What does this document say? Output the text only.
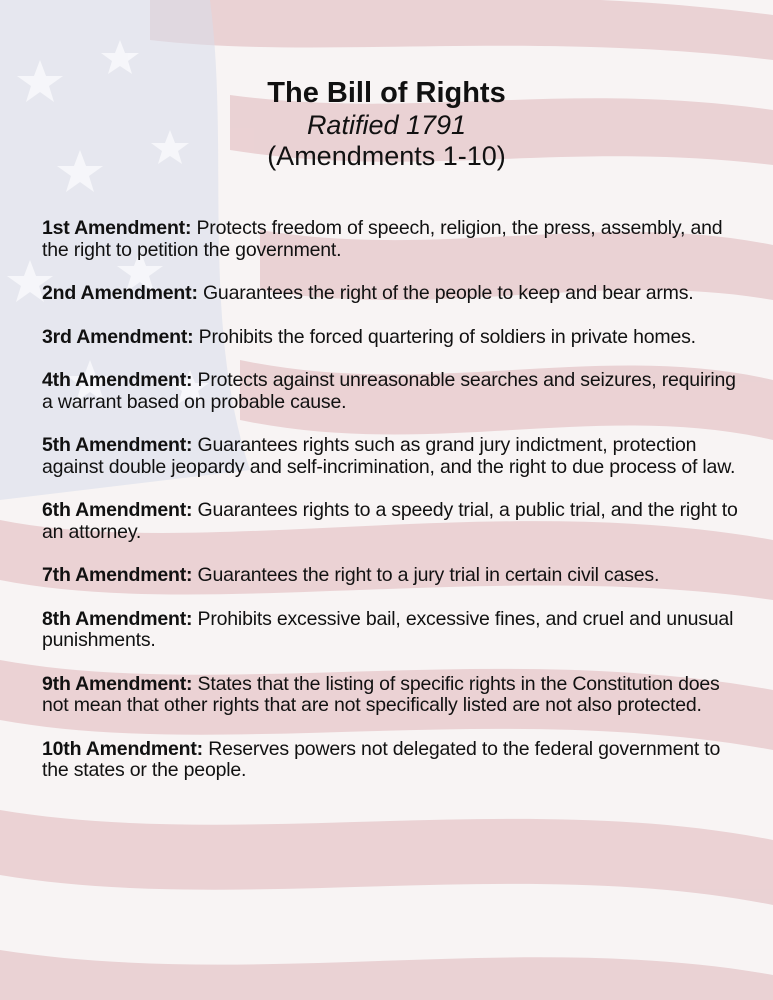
The Bill of Rights
Ratified 1791
(Amendments 1-10)
1st Amendment: Protects freedom of speech, religion, the press, assembly, and the right to petition the government.
2nd Amendment: Guarantees the right of the people to keep and bear arms.
3rd Amendment: Prohibits the forced quartering of soldiers in private homes.
4th Amendment: Protects against unreasonable searches and seizures, requiring a warrant based on probable cause.
5th Amendment: Guarantees rights such as grand jury indictment, protection against double jeopardy and self-incrimination, and the right to due process of law.
6th Amendment: Guarantees rights to a speedy trial, a public trial, and the right to an attorney.
7th Amendment: Guarantees the right to a jury trial in certain civil cases.
8th Amendment: Prohibits excessive bail, excessive fines, and cruel and unusual punishments.
9th Amendment: States that the listing of specific rights in the Constitution does not mean that other rights that are not specifically listed are not also protected.
10th Amendment: Reserves powers not delegated to the federal government to the states or the people.
